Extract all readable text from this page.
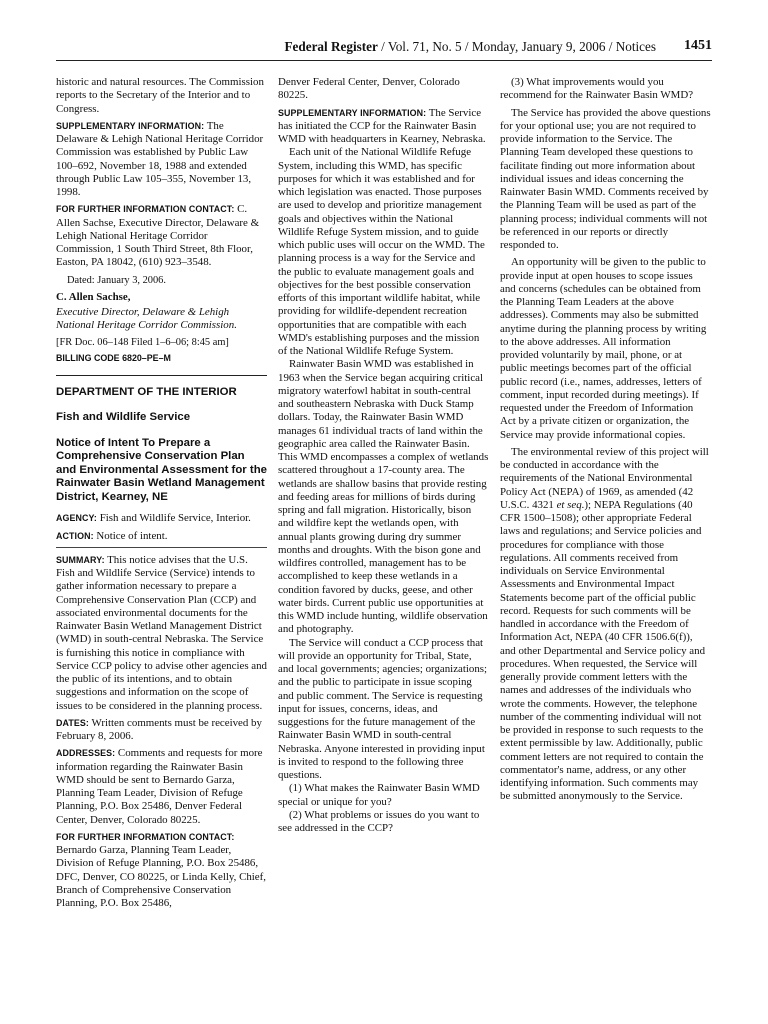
Federal Register / Vol. 71, No. 5 / Monday, January 9, 2006 / Notices 1451

historic and natural resources. The Commission reports to the Secretary of the Interior and to Congress.

SUPPLEMENTARY INFORMATION: The Delaware & Lehigh National Heritage Corridor Commission was established by Public Law 100–692, November 18, 1988 and extended through Public Law 105–355, November 13, 1998.

FOR FURTHER INFORMATION CONTACT: C. Allen Sachse, Executive Director, Delaware & Lehigh National Heritage Corridor Commission, 1 South Third Street, 8th Floor, Easton, PA 18042, (610) 923–3548.

Dated: January 3, 2006.

C. Allen Sachse,

Executive Director, Delaware & Lehigh National Heritage Corridor Commission.

[FR Doc. 06–148 Filed 1–6–06; 8:45 am]

BILLING CODE 6820–PE–M

DEPARTMENT OF THE INTERIOR

Fish and Wildlife Service

Notice of Intent To Prepare a Comprehensive Conservation Plan and Environmental Assessment for the Rainwater Basin Wetland Management District, Kearney, NE

AGENCY: Fish and Wildlife Service, Interior.

ACTION: Notice of intent.

SUMMARY: This notice advises that the U.S. Fish and Wildlife Service (Service) intends to gather information necessary to prepare a Comprehensive Conservation Plan (CCP) and associated environmental documents for the Rainwater Basin Wetland Management District (WMD) in south-central Nebraska. The Service is furnishing this notice in compliance with Service CCP policy to advise other agencies and the public of its intentions, and to obtain suggestions and information on the scope of issues to be considered in the planning process.

DATES: Written comments must be received by February 8, 2006.

ADDRESSES: Comments and requests for more information regarding the Rainwater Basin WMD should be sent to Bernardo Garza, Planning Team Leader, Division of Refuge Planning, P.O. Box 25486, Denver Federal Center, Denver, Colorado 80225.

FOR FURTHER INFORMATION CONTACT: Bernardo Garza, Planning Team Leader, Division of Refuge Planning, P.O. Box 25486, DFC, Denver, CO 80225, or Linda Kelly, Chief, Branch of Comprehensive Conservation Planning, P.O. Box 25486,

Denver Federal Center, Denver, Colorado 80225.

SUPPLEMENTARY INFORMATION: The Service has initiated the CCP for the Rainwater Basin WMD with headquarters in Kearney, Nebraska.

Each unit of the National Wildlife Refuge System, including this WMD, has specific purposes for which it was established and for which legislation was enacted. Those purposes are used to develop and prioritize management goals and objectives within the National Wildlife Refuge System mission, and to guide which public uses will occur on the WMD. The planning process is a way for the Service and the public to evaluate management goals and objectives for the best possible conservation efforts of this important wildlife habitat, while providing for wildlife-dependent recreation opportunities that are compatible with each WMD's establishing purposes and the mission of the National Wildlife Refuge System.

Rainwater Basin WMD was established in 1963 when the Service began acquiring critical migratory waterfowl habitat in south-central and southeastern Nebraska with Duck Stamp dollars. Today, the Rainwater Basin WMD manages 61 individual tracts of land within the geographic area called the Rainwater Basin. This WMD encompasses a complex of wetlands scattered throughout a 17-county area. The wetlands are shallow basins that provide resting and feeding areas for millions of birds during spring and fall migration. Historically, bison and wildfire kept the wetlands open, with annual plants growing during dry summer months and droughts. With the bison gone and wildfires controlled, management has to be accomplished to keep these wetlands in a condition favored by ducks, geese, and other water birds. Current public use opportunities at this WMD include hunting, wildlife observation and photography.

The Service will conduct a CCP process that will provide an opportunity for Tribal, State, and local governments; agencies; organizations; and the public to participate in issue scoping and public comment. The Service is requesting input for issues, concerns, ideas, and suggestions for the future management of the Rainwater Basin WMD in south-central Nebraska. Anyone interested in providing input is invited to respond to the following three questions.

(1) What makes the Rainwater Basin WMD special or unique for you?

(2) What problems or issues do you want to see addressed in the CCP?

(3) What improvements would you recommend for the Rainwater Basin WMD?

The Service has provided the above questions for your optional use; you are not required to provide information to the Service. The Planning Team developed these questions to facilitate finding out more information about individual issues and ideas concerning the Rainwater Basin WMD. Comments received by the Planning Team will be used as part of the planning process; individual comments will not be referenced in our reports or directly responded to.

An opportunity will be given to the public to provide input at open houses to scope issues and concerns (schedules can be obtained from the Planning Team Leaders at the above addresses). Comments may also be submitted anytime during the planning process by writing to the above addresses. All information provided voluntarily by mail, phone, or at public meetings becomes part of the official public record (i.e., names, addresses, letters of comment, input recorded during meetings). If requested under the Freedom of Information Act by a private citizen or organization, the Service may provide informational copies.

The environmental review of this project will be conducted in accordance with the requirements of the National Environmental Policy Act (NEPA) of 1969, as amended (42 U.S.C. 4321 et seq.); NEPA Regulations (40 CFR 1500–1508); other appropriate Federal laws and regulations; and Service policies and procedures for compliance with those regulations. All comments received from individuals on Service Environmental Assessments and Environmental Impact Statements become part of the official public record. Requests for such comments will be handled in accordance with the Freedom of Information Act, NEPA (40 CFR 1506.6(f)), and other Departmental and Service policy and procedures. When requested, the Service will generally provide comment letters with the names and addresses of the individuals who wrote the comments. However, the telephone number of the commenting individual will not be provided in response to such requests to the extent permissible by law. Additionally, public comment letters are not required to contain the commentator's name, address, or any other identifying information. Such comments may be submitted anonymously to the Service.
